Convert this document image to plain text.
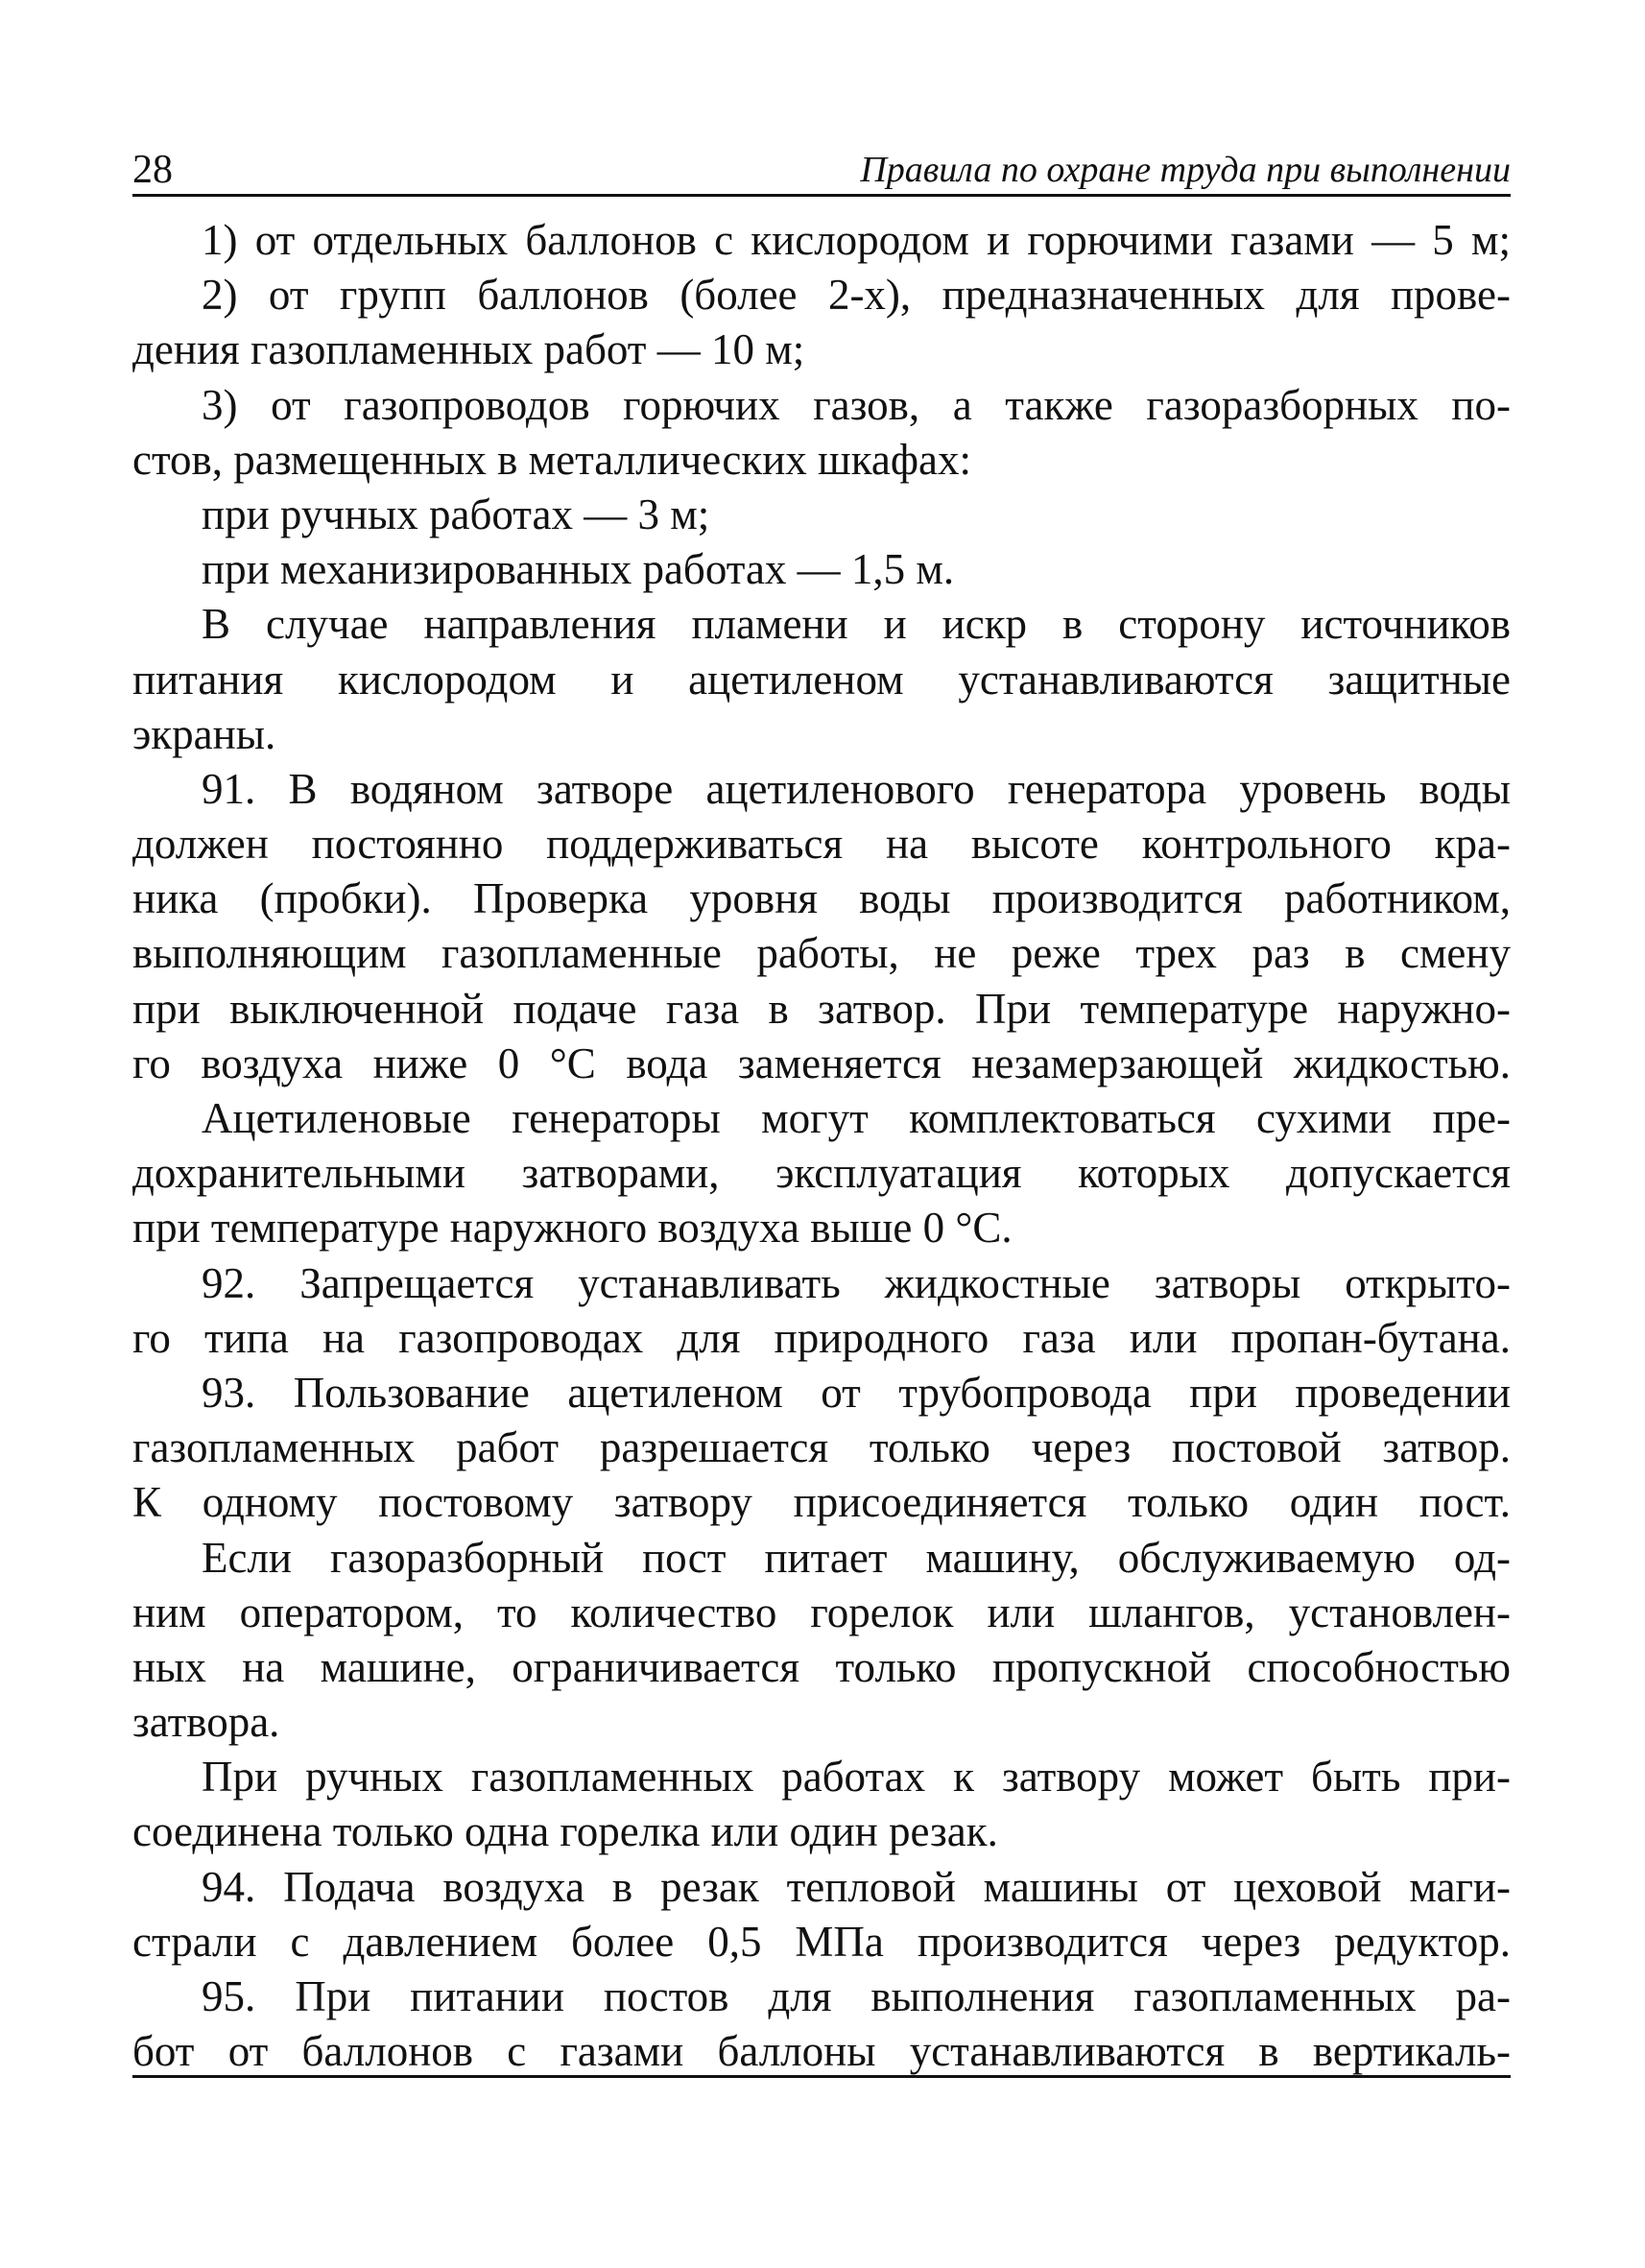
28	Правила по охране труда при выполнении
1) от отдельных баллонов с кислородом и горючими газами — 5 м;
2) от групп баллонов (более 2-х), предназначенных для прове-
дения газопламенных работ — 10 м;
3) от газопроводов горючих газов, а также газоразборных по-
стов, размещенных в металлических шкафах:
при ручных работах — 3 м;
при механизированных работах — 1,5 м.
В случае направления пламени и искр в сторону источников
питания кислородом и ацетиленом устанавливаются защитные
экраны.
91. В водяном затворе ацетиленового генератора уровень воды
должен постоянно поддерживаться на высоте контрольного кра-
ника (пробки). Проверка уровня воды производится работником,
выполняющим газопламенные работы, не реже трех раз в смену
при выключенной подаче газа в затвор. При температуре наружно-
го воздуха ниже 0 °С вода заменяется незамерзающей жидкостью.
Ацетиленовые генераторы могут комплектоваться сухими пре-
дохранительными затворами, эксплуатация которых допускается
при температуре наружного воздуха выше 0 °С.
92. Запрещается устанавливать жидкостные затворы открыто-
го типа на газопроводах для природного газа или пропан-бутана.
93. Пользование ацетиленом от трубопровода при проведении
газопламенных работ разрешается только через постовой затвор.
К одному постовому затвору присоединяется только один пост.
Если газоразборный пост питает машину, обслуживаемую од-
ним оператором, то количество горелок или шлангов, установлен-
ных на машине, ограничивается только пропускной способностью
затвора.
При ручных газопламенных работах к затвору может быть при-
соединена только одна горелка или один резак.
94. Подача воздуха в резак тепловой машины от цеховой маги-
страли с давлением более 0,5 МПа производится через редуктор.
95. При питании постов для выполнения газопламенных ра-
бот от баллонов с газами баллоны устанавливаются в вертикаль-
